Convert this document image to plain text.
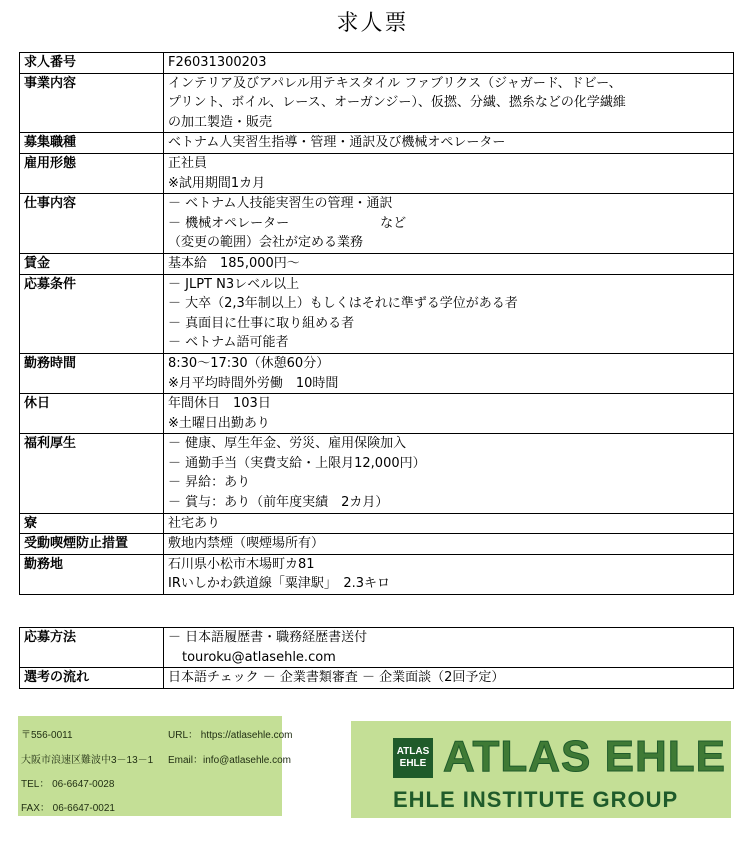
求人票
求人番号	F26031300203

事業内容	インテリア及びアパレル用テキスタイル ファブリクス（ジャガード、ドビー、
プリント、ボイル、レース、オーガンジー）、仮撚、分繊、撚糸などの化学繊維
の加工製造・販売

募集職種	ベトナム人実習生指導・管理・通訳及び機械オペレーター

雇用形態	正社員
※試用期間1カ月

仕事内容	－ ベトナム人技能実習生の管理・通訳
－ 機械オペレーター　　　　　　　など
（変更の範囲）会社が定める業務

賃金	基本給　185,000円～

応募条件	－ JLPT N3レベル以上
－ 大卒（2,3年制以上）もしくはそれに準ずる学位がある者
－ 真面目に仕事に取り組める者
－ ベトナム語可能者

勤務時間	8:30～17:30（休憩60分）
※月平均時間外労働　10時間

休日	年間休日　103日
※土曜日出勤あり

福利厚生	－ 健康、厚生年金、労災、雇用保険加入
－ 通勤手当（実費支給・上限月12,000円）
－ 昇給：あり
－ 賞与：あり（前年度実績　2カ月）

寮	社宅あり

受動喫煙防止措置	敷地内禁煙（喫煙場所有）

勤務地	石川県小松市木場町カ81
IRいしかわ鉄道線「粟津駅」　2.3キロ
応募方法	－ 日本語履歴書・職務経歴書送付
touroku@atlasehle.com

選考の流れ	日本語チェック － 企業書類審査 － 企業面談（2回予定）
〒556-0011
大阪市浪速区難波中3－13－1
TEL： 06-6647-0028
FAX： 06-6647-0021
URL： https://atlasehle.com
Email：info@atlasehle.com
ATLAS
EHLE ATLAS EHLE
EHLE INSTITUTE GROUP
